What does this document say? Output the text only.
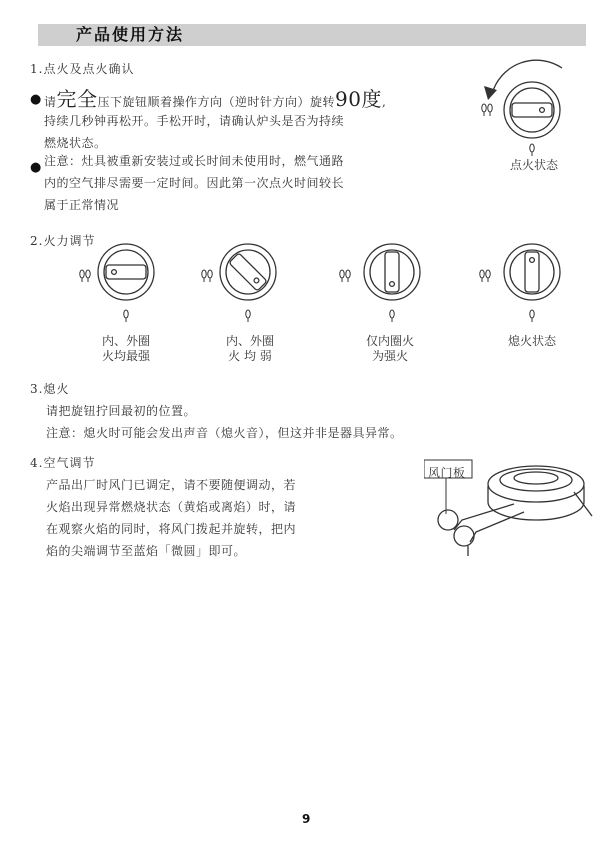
产品使用方法
1.点火及点火确认
● 请完全压下旋钮顺着操作方向（逆时针方向）旋转90度,
持续几秒钟再松开。手松开时，请确认炉头是否为持续
燃烧状态。
● 注意：灶具被重新安装过或长时间未使用时，燃气通路
内的空气排尽需要一定时间。因此第一次点火时间较长
属于正常情况
点火状态
2.火力调节
内、外圈
火均最强
内、外圈
火 均 弱
仅内圈火
为强火
熄火状态
3.熄火
请把旋钮拧回最初的位置。
注意：熄火时可能会发出声音（熄火音），但这并非是器具异常。
4.空气调节
产品出厂时风门已调定，请不要随便调动，若
火焰出现异常燃烧状态（黄焰或离焰）时，请
在观察火焰的同时，将风门拨起并旋转，把内
焰的尖端调节至蓝焰「微圆」即可。
风门板
9
